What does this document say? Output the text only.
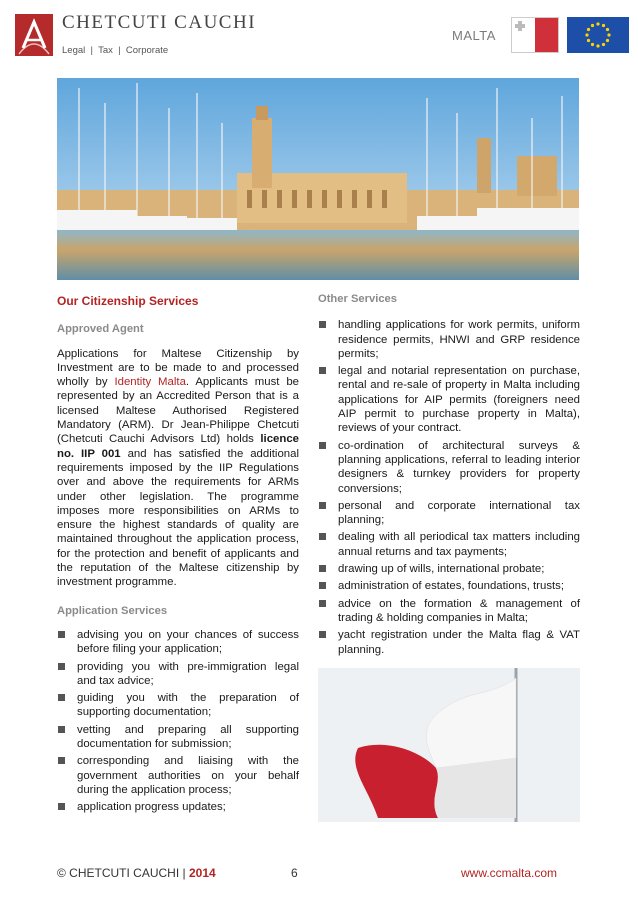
CHETCUTI CAUCHI
Legal  |  Tax  |  Corporate
MALTA
Our Citizenship Services
Approved Agent
Applications for Maltese Citizenship by Investment are to be made to and processed wholly by Identity Malta. Applicants must be represented by an Accredited Person that is a licensed Maltese Authorised Registered Mandatory (ARM). Dr Jean-Philippe Chetcuti (Chetcuti Cauchi Advisors Ltd) holds licence no. IIP 001 and has satisfied the additional requirements imposed by the IIP Regulations over and above the requirements for ARMs under other legislation. The programme imposes more responsibilities on ARMs to ensure the highest standards of quality are maintained throughout the application process, for the protection and benefit of applicants and the reputation of the Maltese citizenship by investment programme.
Application Services
advising you on your chances of success before filing your application;
providing you with pre-immigration legal and tax advice;
guiding you with the preparation of supporting documentation;
vetting and preparing all supporting documentation for submission;
corresponding and liaising with the government authorities on your behalf during the application process;
application progress updates;
Other Services
handling applications for work permits, uniform residence permits, HNWI and GRP residence permits;
legal and notarial representation on purchase, rental and re-sale of property in Malta including applications for AIP permits (foreigners need AIP permit to purchase property in Malta), reviews of your contract.
co-ordination of architectural surveys & planning applications, referral to leading interior designers & turnkey providers for property conversions;
personal and corporate international tax planning;
dealing with all periodical tax matters including annual returns and tax payments;
drawing up of wills, international probate;
administration of estates, foundations, trusts;
advice on the formation & management of trading & holding companies in Malta;
yacht registration under the Malta flag & VAT planning.
© CHETCUTI CAUCHI | 2014	6	www.ccmalta.com
